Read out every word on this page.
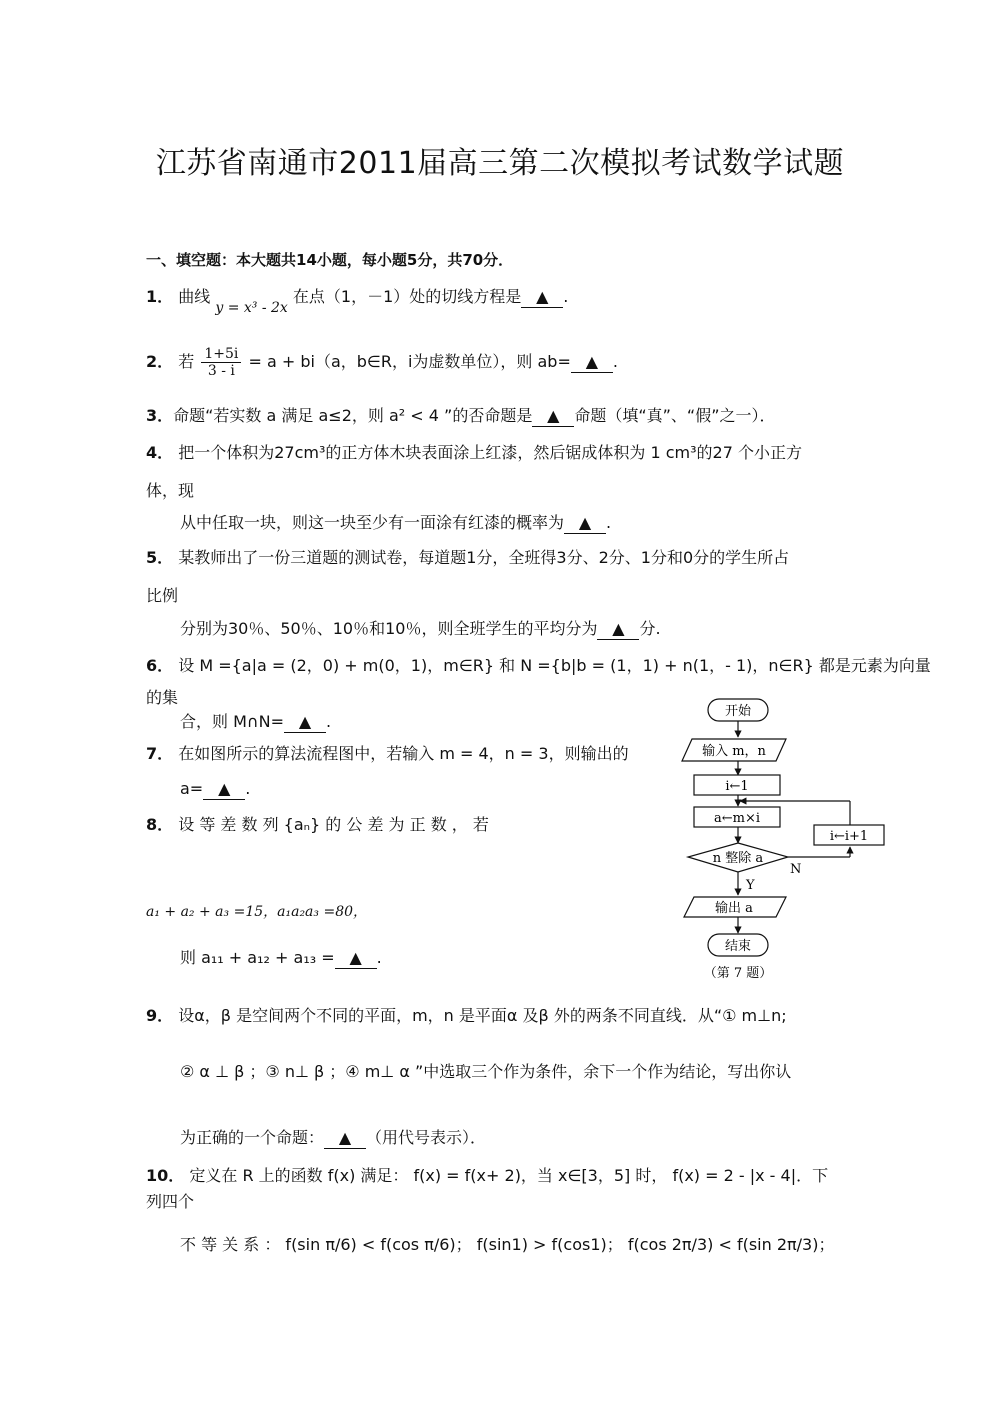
江苏省南通市2011届高三第二次模拟考试数学试题
一、填空题：本大题共14小题，每小题5分，共70分．
1． 曲线 y = x³ - 2x 在点（1，－1）处的切线方程是 ▲ .
2． 若 $\frac{1+5i}{3 - i} = a + bi(a$，b∈R，i为虚数单位），则 ab= ▲ .
3．命题“若实数 a 满足 a≤2，则 a² < 4 ”的否命题是 ▲ 命题（填“真”、“假”之一）．
4． 把一个体积为27cm³的正方体木块表面涂上红漆，然后锯成体积为 1 cm³的27 个小正方
体，现
从中任取一块，则这一块至少有一面涂有红漆的概率为 ▲ .
5． 某教师出了一份三道题的测试卷，每道题1分，全班得3分、2分、1分和0分的学生所占
比例
分别为30％、50％、10％和10％，则全班学生的平均分为 ▲ 分.
6． 设 M ={a|a = (2，0) + m(0，1)，m∈R} 和 N ={b|b = (1，1) + n(1，- 1)，n∈R} 都是元素为向量
的集
合，则 M∩N= ▲ .
7． 在如图所示的算法流程图中，若输入 m = 4，n = 3，则输出的
a= ▲ .
8． 设 等 差 数 列 {aₙ} 的 公 差 为 正 数 ， 若
a₁ + a₂ + a₃ =15，a₁a₂a₃ =80，
则 a₁₁ + a₁₂ + a₁₃ = ▲ .
开始
输入 m，n
i←1
a←m×i
i←i+1
n 整除 a
N
Y
输出 a
结束
（第 7 题）
9． 设α，β 是空间两个不同的平面，m，n 是平面α 及β 外的两条不同直线．从“① m⊥n;
② α ⊥ β ；③ n⊥ β ；④ m⊥ α ”中选取三个作为条件，余下一个作为结论，写出你认
为正确的一个命题： ▲ （用代号表示）．
10． 定义在 R 上的函数 f(x) 满足： f(x) = f(x+ 2)，当 x∈[3，5] 时， f(x) = 2 - |x - 4|．下
列四个
不 等 关 系 ： f(sin π/6) < f(cos π/6)； f(sin1) > f(cos1)； f(cos 2π/3) < f(sin 2π/3)；
